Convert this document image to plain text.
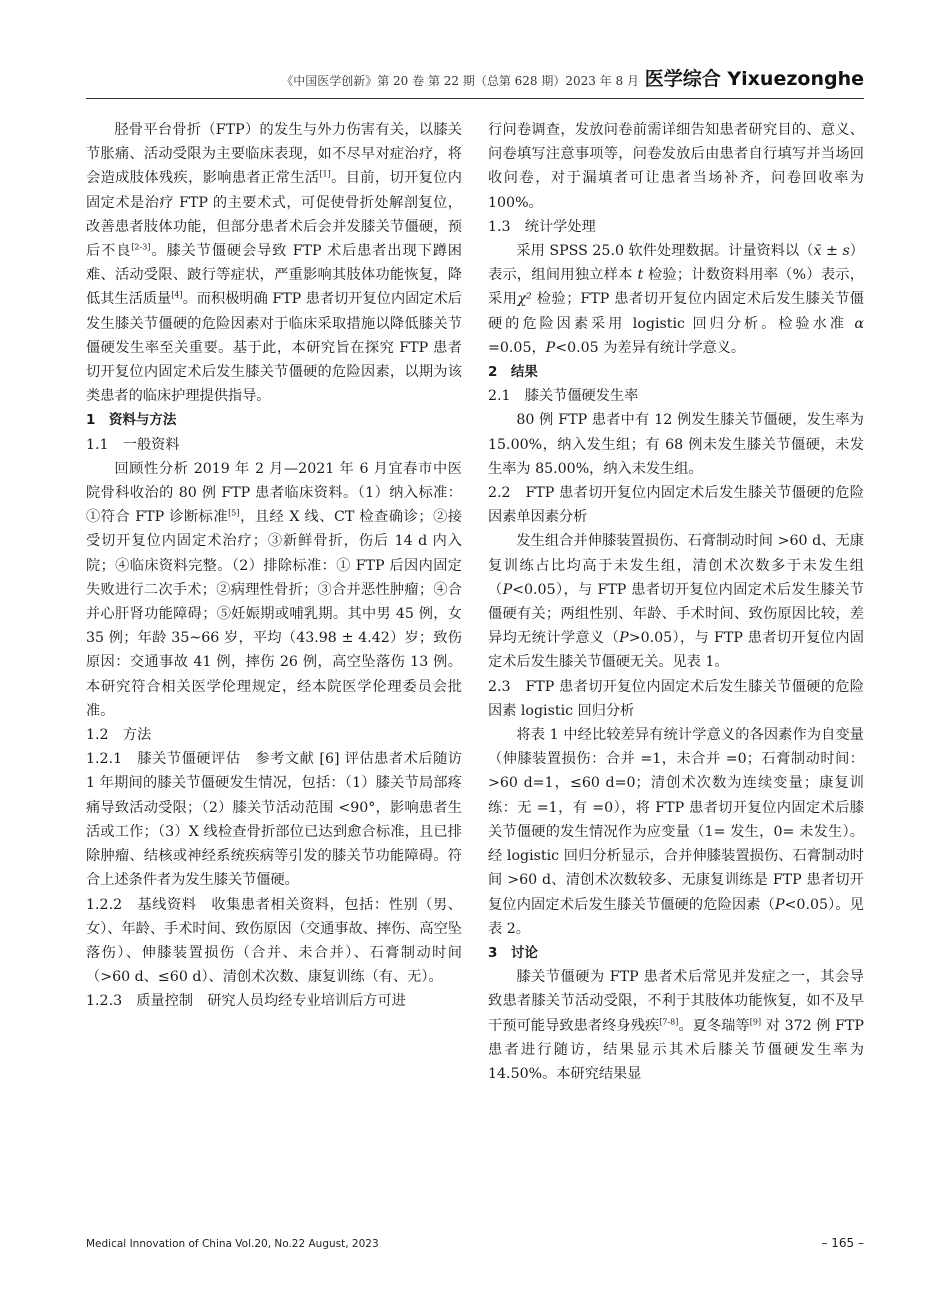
《中国医学创新》第 20 卷 第 22 期（总第 628 期）2023 年 8 月 医学综合 Yixuezonghe

胫骨平台骨折（FTP）的发生与外力伤害有关，以膝关节胀痛、活动受限为主要临床表现，如不尽早对症治疗，将会造成肢体残疾，影响患者正常生活[1]。目前，切开复位内固定术是治疗 FTP 的主要术式，可促使骨折处解剖复位，改善患者肢体功能，但部分患者术后会并发膝关节僵硬，预后不良[2-3]。膝关节僵硬会导致 FTP 术后患者出现下蹲困难、活动受限、跛行等症状，严重影响其肢体功能恢复，降低其生活质量[4]。而积极明确 FTP 患者切开复位内固定术后发生膝关节僵硬的危险因素对于临床采取措施以降低膝关节僵硬发生率至关重要。基于此，本研究旨在探究 FTP 患者切开复位内固定术后发生膝关节僵硬的危险因素，以期为该类患者的临床护理提供指导。

1　资料与方法

1.1　一般资料

回顾性分析 2019 年 2 月—2021 年 6 月宜春市中医院骨科收治的 80 例 FTP 患者临床资料。（1）纳入标准：①符合 FTP 诊断标准[5]，且经 X 线、CT 检查确诊；②接受切开复位内固定术治疗；③新鲜骨折，伤后 14 d 内入院；④临床资料完整。（2）排除标准：① FTP 后因内固定失败进行二次手术；②病理性骨折；③合并恶性肿瘤；④合并心肝肾功能障碍；⑤妊娠期或哺乳期。其中男 45 例，女 35 例；年龄 35~66 岁，平均（43.98 ± 4.42）岁；致伤原因：交通事故 41 例，摔伤 26 例，高空坠落伤 13 例。本研究符合相关医学伦理规定，经本院医学伦理委员会批准。

1.2　方法

1.2.1　膝关节僵硬评估　参考文献 [6] 评估患者术后随访 1 年期间的膝关节僵硬发生情况，包括：（1）膝关节局部疼痛导致活动受限；（2）膝关节活动范围 <90°，影响患者生活或工作；（3）X 线检查骨折部位已达到愈合标准，且已排除肿瘤、结核或神经系统疾病等引发的膝关节功能障碍。符合上述条件者为发生膝关节僵硬。

1.2.2　基线资料　收集患者相关资料，包括：性别（男、女）、年龄、手术时间、致伤原因（交通事故、摔伤、高空坠落伤）、伸膝装置损伤（合并、未合并）、石膏制动时间（>60 d、≤60 d）、清创术次数、康复训练（有、无）。

1.2.3　质量控制　研究人员均经专业培训后方可进

行问卷调查，发放问卷前需详细告知患者研究目的、意义、问卷填写注意事项等，问卷发放后由患者自行填写并当场回收问卷，对于漏填者可让患者当场补齐，问卷回收率为 100%。

1.3　统计学处理

采用 SPSS 25.0 软件处理数据。计量资料以（x̄ ± s）表示，组间用独立样本 t 检验；计数资料用率（%）表示，采用χ² 检验；FTP 患者切开复位内固定术后发生膝关节僵硬的危险因素采用 logistic 回归分析。检验水准 α =0.05，P<0.05 为差异有统计学意义。

2　结果

2.1　膝关节僵硬发生率

80 例 FTP 患者中有 12 例发生膝关节僵硬，发生率为 15.00%，纳入发生组；有 68 例未发生膝关节僵硬，未发生率为 85.00%，纳入未发生组。

2.2　FTP 患者切开复位内固定术后发生膝关节僵硬的危险因素单因素分析

发生组合并伸膝装置损伤、石膏制动时间 >60 d、无康复训练占比均高于未发生组，清创术次数多于未发生组（P<0.05），与 FTP 患者切开复位内固定术后发生膝关节僵硬有关；两组性别、年龄、手术时间、致伤原因比较，差异均无统计学意义（P>0.05），与 FTP 患者切开复位内固定术后发生膝关节僵硬无关。见表 1。

2.3　FTP 患者切开复位内固定术后发生膝关节僵硬的危险因素 logistic 回归分析

将表 1 中经比较差异有统计学意义的各因素作为自变量（伸膝装置损伤：合并 =1，未合并 =0；石膏制动时间：>60 d=1，≤60 d=0；清创术次数为连续变量；康复训练：无 =1，有 =0），将 FTP 患者切开复位内固定术后膝关节僵硬的发生情况作为应变量（1= 发生，0= 未发生）。经 logistic 回归分析显示，合并伸膝装置损伤、石膏制动时间 >60 d、清创术次数较多、无康复训练是 FTP 患者切开复位内固定术后发生膝关节僵硬的危险因素（P<0.05）。见表 2。

3　讨论

膝关节僵硬为 FTP 患者术后常见并发症之一，其会导致患者膝关节活动受限，不利于其肢体功能恢复，如不及早干预可能导致患者终身残疾[7-8]。夏冬瑞等[9] 对 372 例 FTP 患者进行随访，结果显示其术后膝关节僵硬发生率为 14.50%。本研究结果显

Medical Innovation of China Vol.20, No.22 August, 2023	– 165 –
